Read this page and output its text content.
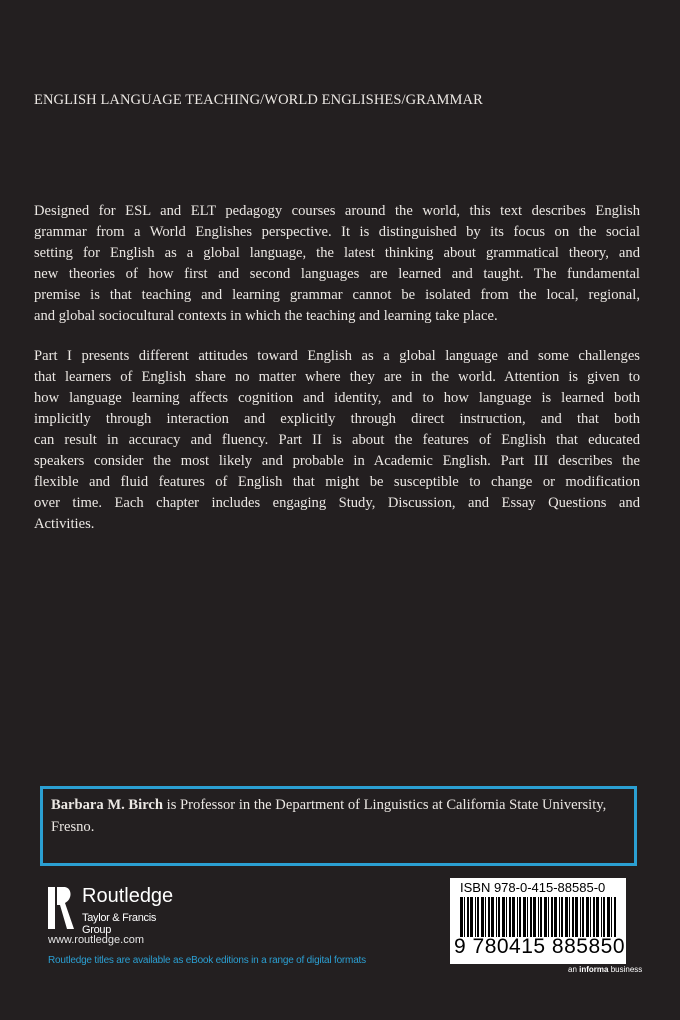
ENGLISH LANGUAGE TEACHING/WORLD ENGLISHES/GRAMMAR
Designed for ESL and ELT pedagogy courses around the world, this text describes English
grammar from a World Englishes perspective. It is distinguished by its focus on the social
setting for English as a global language, the latest thinking about grammatical theory, and
new theories of how first and second languages are learned and taught. The fundamental
premise is that teaching and learning grammar cannot be isolated from the local, regional,
and global sociocultural contexts in which the teaching and learning take place.
Part I presents different attitudes toward English as a global language and some challenges
that learners of English share no matter where they are in the world. Attention is given to
how language learning affects cognition and identity, and to how language is learned both
implicitly through interaction and explicitly through direct instruction, and that both
can result in accuracy and fluency. Part II is about the features of English that educated
speakers consider the most likely and probable in Academic English. Part III describes the
flexible and fluid features of English that might be susceptible to change or modification
over time. Each chapter includes engaging Study, Discussion, and Essay Questions and
Activities.
Barbara M. Birch is Professor in the Department of Linguistics at California State University, Fresno.
Routledge
Taylor & Francis Group
www.routledge.com
Routledge titles are available as eBook editions in a range of digital formats
ISBN 978-0-415-88585-0
9 780415 885850
an informa business
